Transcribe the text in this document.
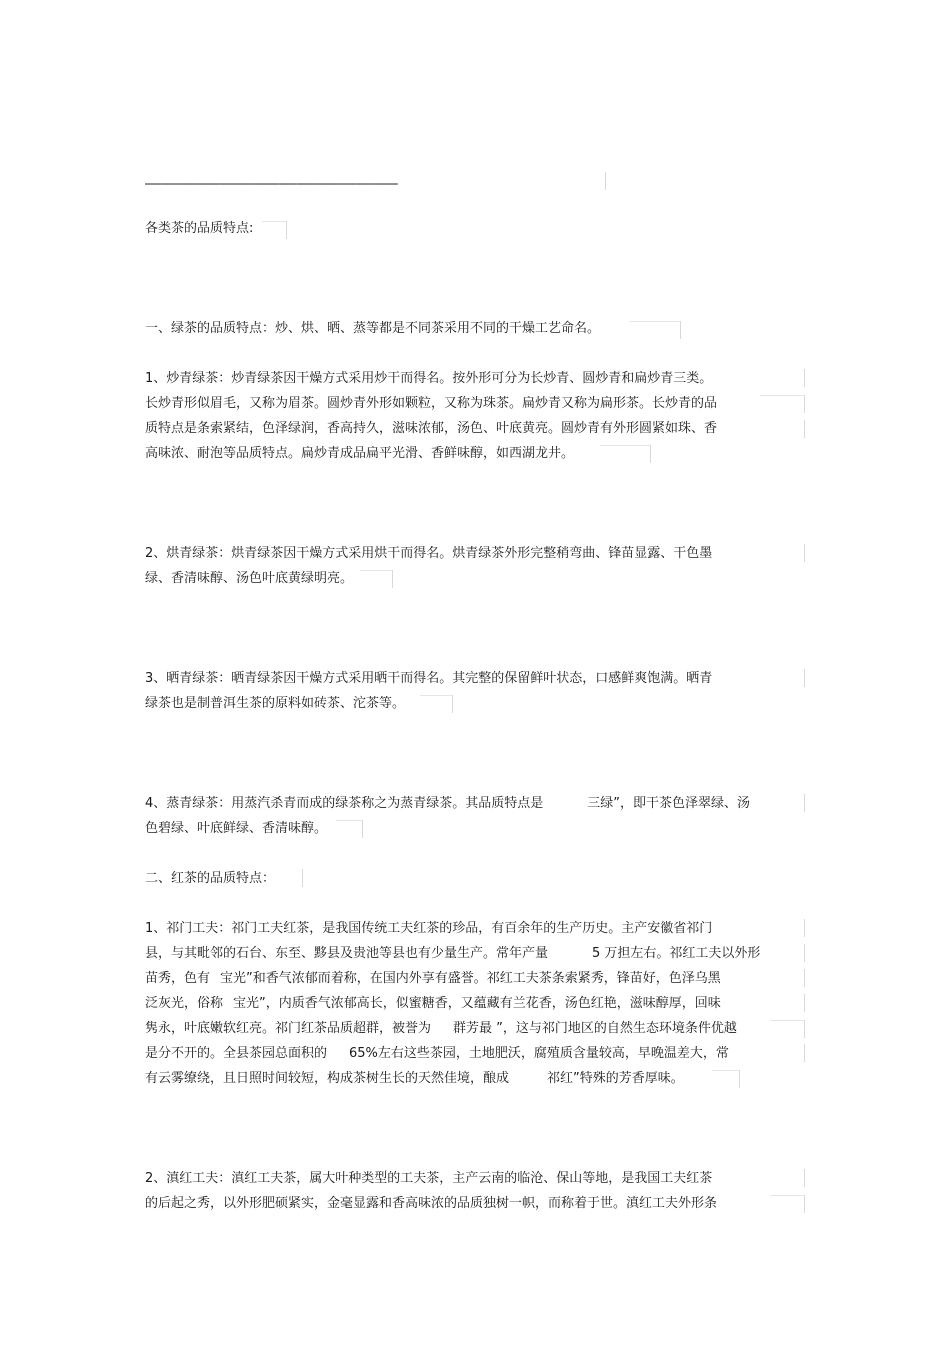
——————————————————————————————
各类茶的品质特点:
一、绿茶的品质特点：炒、烘、晒、蒸等都是不同茶采用不同的干燥工艺命名。
1、炒青绿茶：炒青绿茶因干燥方式采用炒干而得名。按外形可分为长炒青、圆炒青和扁炒青三类。
长炒青形似眉毛，又称为眉茶。圆炒青外形如颗粒，又称为珠茶。扁炒青又称为扁形茶。长炒青的品
质特点是条索紧结，色泽绿润，香高持久，滋味浓郁，汤色、叶底黄亮。圆炒青有外形圆紧如珠、香
高味浓、耐泡等品质特点。扁炒青成品扁平光滑、香鲜味醇，如西湖龙井。
2、烘青绿茶：烘青绿茶因干燥方式采用烘干而得名。烘青绿茶外形完整稍弯曲、锋苗显露、干色墨
绿、香清味醇、汤色叶底黄绿明亮。
3、晒青绿茶：晒青绿茶因干燥方式采用晒干而得名。其完整的保留鲜叶状态，口感鲜爽饱满。晒青
绿茶也是制普洱生茶的原料如砖茶、沱茶等。
4、蒸青绿茶：用蒸汽杀青而成的绿茶称之为蒸青绿茶。其品质特点是	三绿”，即干茶色泽翠绿、汤
色碧绿、叶底鲜绿、香清味醇。
二、红茶的品质特点：
1、祁门工夫：祁门工夫红茶，是我国传统工夫红茶的珍品，有百余年的生产历史。主产安徽省祁门
县，与其毗邻的石台、东至、黟县及贵池等县也有少量生产。常年产量	5 万担左右。祁红工夫以外形
苗秀，色有 宝光”和香气浓郁而着称，在国内外享有盛誉。祁红工夫茶条索紧秀，锋苗好，色泽乌黑
泛灰光，俗称 宝光”，内质香气浓郁高长，似蜜糖香，又蕴藏有兰花香，汤色红艳，滋味醇厚，回味
隽永，叶底嫩软红亮。祁门红茶品质超群，被誉为 群芳最 ”，这与祁门地区的自然生态环境条件优越
是分不开的。全县茶园总面积的 65%左右这些茶园，土地肥沃，腐殖质含量较高，早晚温差大，常
有云雾缭绕，且日照时间较短，构成茶树生长的天然佳境，酿成	祁红”特殊的芳香厚味。
2、滇红工夫：滇红工夫茶，属大叶种类型的工夫茶，主产云南的临沧、保山等地，是我国工夫红茶
的后起之秀，以外形肥硕紧实，金毫显露和香高味浓的品质独树一帜，而称着于世。滇红工夫外形条
